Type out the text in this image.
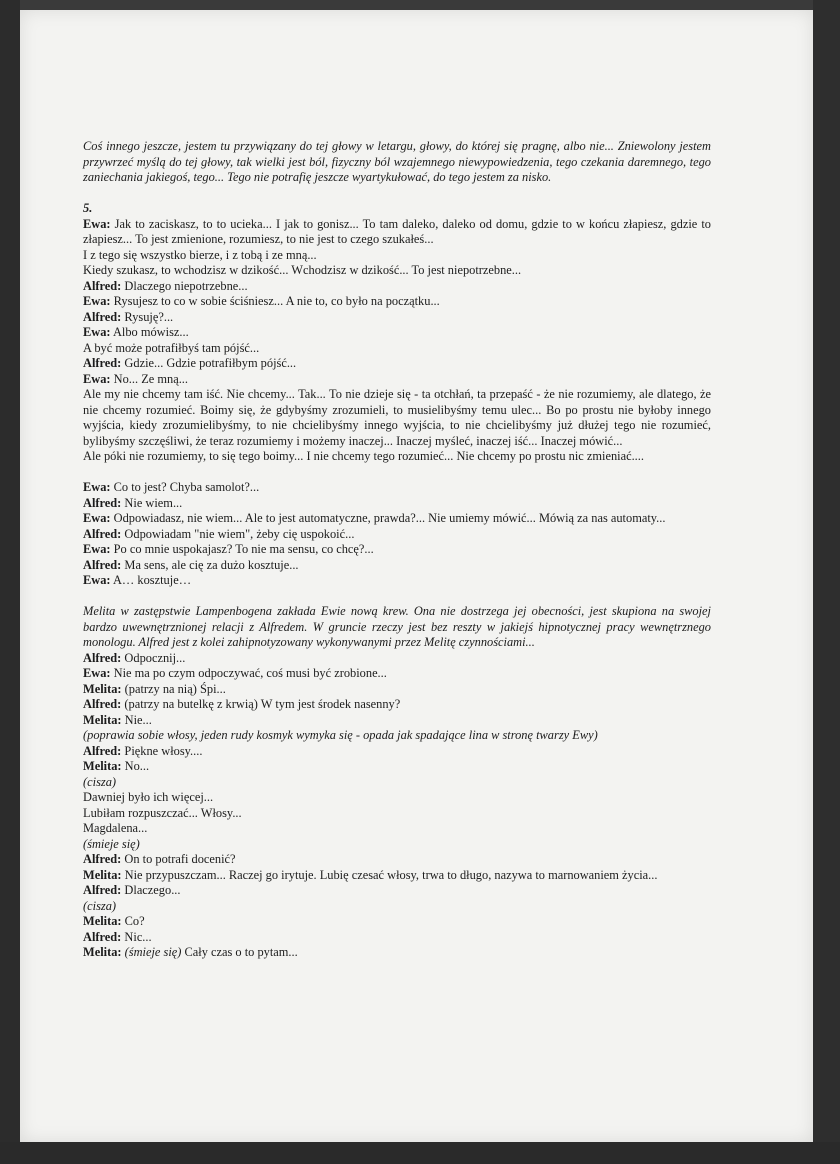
Coś innego jeszcze, jestem tu przywiązany do tej głowy w letargu, głowy, do której się pragnę, albo nie... Zniewolony jestem przywrzeć myślą do tej głowy, tak wielki jest ból, fizyczny ból wzajemnego niewypowiedzenia, tego czekania daremnego, tego zaniechania jakiegoś, tego... Tego nie potrafię jeszcze wyartykułować, do tego jestem za nisko.

5.

Ewa: Jak to zaciskasz, to to ucieka... I jak to gonisz... To tam daleko, daleko od domu, gdzie to w końcu złapiesz, gdzie to złapiesz... To jest zmienione, rozumiesz, to nie jest to czego szukałeś...

I z tego się wszystko bierze, i z tobą i ze mną...

Kiedy szukasz, to wchodzisz w dzikość... Wchodzisz w dzikość... To jest niepotrzebne...

Alfred: Dlaczego niepotrzebne...

Ewa: Rysujesz to co w sobie ściśniesz... A nie to, co było na początku...

Alfred: Rysuję?...

Ewa: Albo mówisz...

A być może potrafiłbyś tam pójść...

Alfred: Gdzie... Gdzie potrafiłbym pójść...

Ewa: No... Ze mną...

Ale my nie chcemy tam iść. Nie chcemy... Tak... To nie dzieje się - ta otchłań, ta przepaść - że nie rozumiemy, ale dlatego, że nie chcemy rozumieć. Boimy się, że gdybyśmy zrozumieli, to musielibyśmy temu ulec... Bo po prostu nie byłoby innego wyjścia, kiedy zrozumielibyśmy, to nie chcielibyśmy innego wyjścia, to nie chcielibyśmy już dłużej tego nie rozumieć, bylibyśmy szczęśliwi, że teraz rozumiemy i możemy inaczej... Inaczej myśleć, inaczej iść... Inaczej mówić...

Ale póki nie rozumiemy, to się tego boimy... I nie chcemy tego rozumieć... Nie chcemy po prostu nic zmieniać....

Ewa: Co to jest? Chyba samolot?...

Alfred: Nie wiem...

Ewa: Odpowiadasz, nie wiem... Ale to jest automatyczne, prawda?... Nie umiemy mówić... Mówią za nas automaty...

Alfred: Odpowiadam "nie wiem", żeby cię uspokoić...

Ewa: Po co mnie uspokajasz? To nie ma sensu, co chcę?...

Alfred: Ma sens, ale cię za dużo kosztuje...

Ewa: A… kosztuje…

Melita w zastępstwie Lampenbogena zakłada Ewie nową krew. Ona nie dostrzega jej obecności, jest skupiona na swojej bardzo uwewnętrznionej relacji z Alfredem. W gruncie rzeczy jest bez reszty w jakiejś hipnotycznej pracy wewnętrznego monologu. Alfred jest z kolei zahipnotyzowany wykonywanymi przez Melitę czynnościami...

Alfred: Odpocznij...

Ewa: Nie ma po czym odpoczywać, coś musi być zrobione...

Melita: (patrzy na nią) Śpi...

Alfred: (patrzy na butelkę z krwią) W tym jest środek nasenny?

Melita: Nie...

(poprawia sobie włosy, jeden rudy kosmyk wymyka się - opada jak spadające lina w stronę twarzy Ewy)

Alfred: Piękne włosy....

Melita: No...

(cisza)

Dawniej było ich więcej...

Lubiłam rozpuszczać... Włosy...

Magdalena...

(śmieje się)

Alfred: On to potrafi docenić?

Melita: Nie przypuszczam... Raczej go irytuje. Lubię czesać włosy, trwa to długo, nazywa to marnowaniem życia...

Alfred: Dlaczego...

(cisza)

Melita: Co?

Alfred: Nic...

Melita: (śmieje się) Cały czas o to pytam...
